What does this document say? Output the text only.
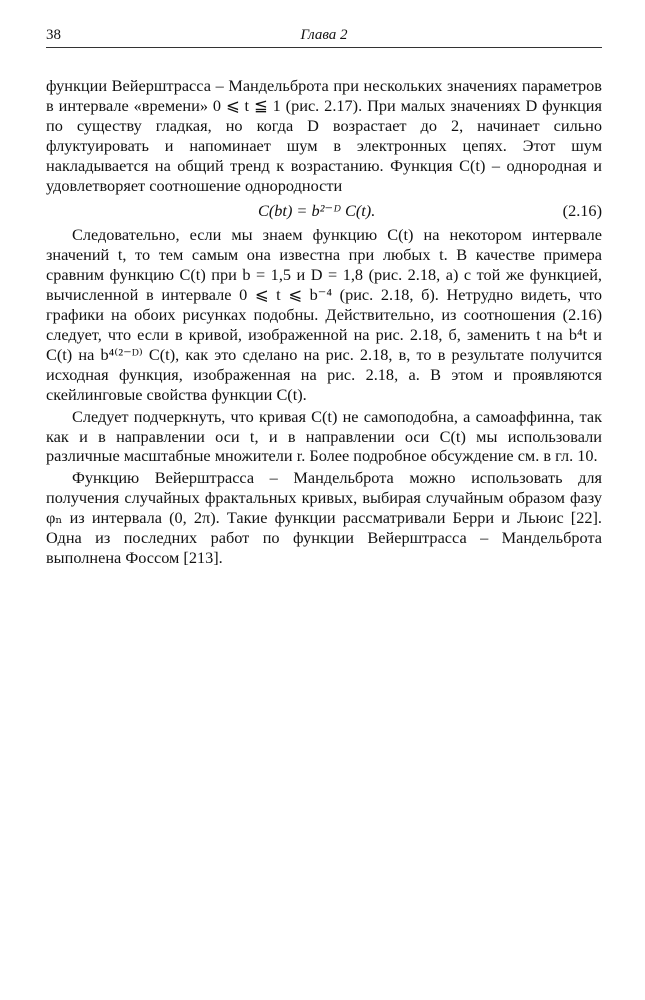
38	Глава 2

функции Вейерштрасса – Мандельброта при нескольких значениях параметров в интервале «времени» 0 ⩽ t ≦ 1 (рис. 2.17). При малых значениях D функция по существу гладкая, но когда D возрастает до 2, начинает сильно флуктуировать и напоминает шум в электронных цепях. Этот шум накладывается на общий тренд к возрастанию. Функция C(t) – однородная и удовлетворяет соотношение однородности

C(bt) = b²⁻ᴰ C(t).	(2.16)

Следовательно, если мы знаем функцию C(t) на некотором интервале значений t, то тем самым она известна при любых t. В качестве примера сравним функцию C(t) при b = 1,5 и D = 1,8 (рис. 2.18, а) с той же функцией, вычисленной в интервале 0 ⩽ t ⩽ b⁻⁴ (рис. 2.18, б). Нетрудно видеть, что графики на обоих рисунках подобны. Действительно, из соотношения (2.16) следует, что если в кривой, изображенной на рис. 2.18, б, заменить t на b⁴t и C(t) на b⁴⁽²⁻ᴰ⁾ C(t), как это сделано на рис. 2.18, в, то в результате получится исходная функция, изображенная на рис. 2.18, а. В этом и проявляются скейлинговые свойства функции C(t).

Следует подчеркнуть, что кривая C(t) не самоподобна, а самоаффинна, так как и в направлении оси t, и в направлении оси C(t) мы использовали различные масштабные множители r. Более подробное обсуждение см. в гл. 10.

Функцию Вейерштрасса – Мандельброта можно использовать для получения случайных фрактальных кривых, выбирая случайным образом фазу φₙ из интервала (0, 2π). Такие функции рассматривали Берри и Льюис [22]. Одна из последних работ по функции Вейерштрасса – Мандельброта выполнена Фоссом [213].
